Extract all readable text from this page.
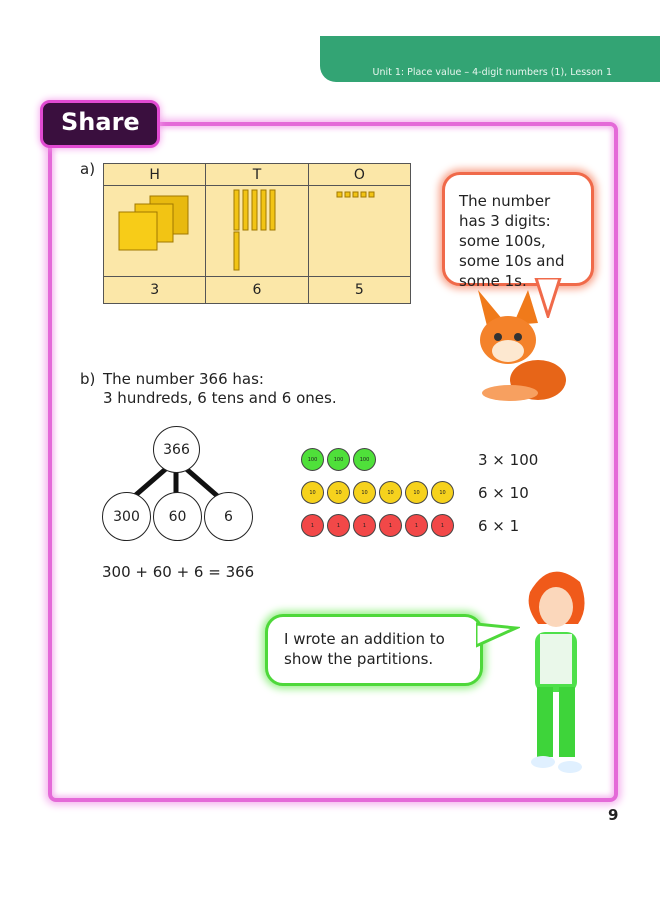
Unit 1: Place value – 4-digit numbers (1), Lesson 1
Share
a)	H	T	O

3	6	5
The number has 3 digits: some 100s, some 10s and some 1s.
b) The number 366 has:
3 hundreds, 6 tens and 6 ones.
366
300	60	6
100	100	100
10	10	10	10	10	10
1	1	1	1	1	1
3 × 100
6 × 10
6 × 1
300 + 60 + 6 = 366
I wrote an addition to show the partitions.
9
